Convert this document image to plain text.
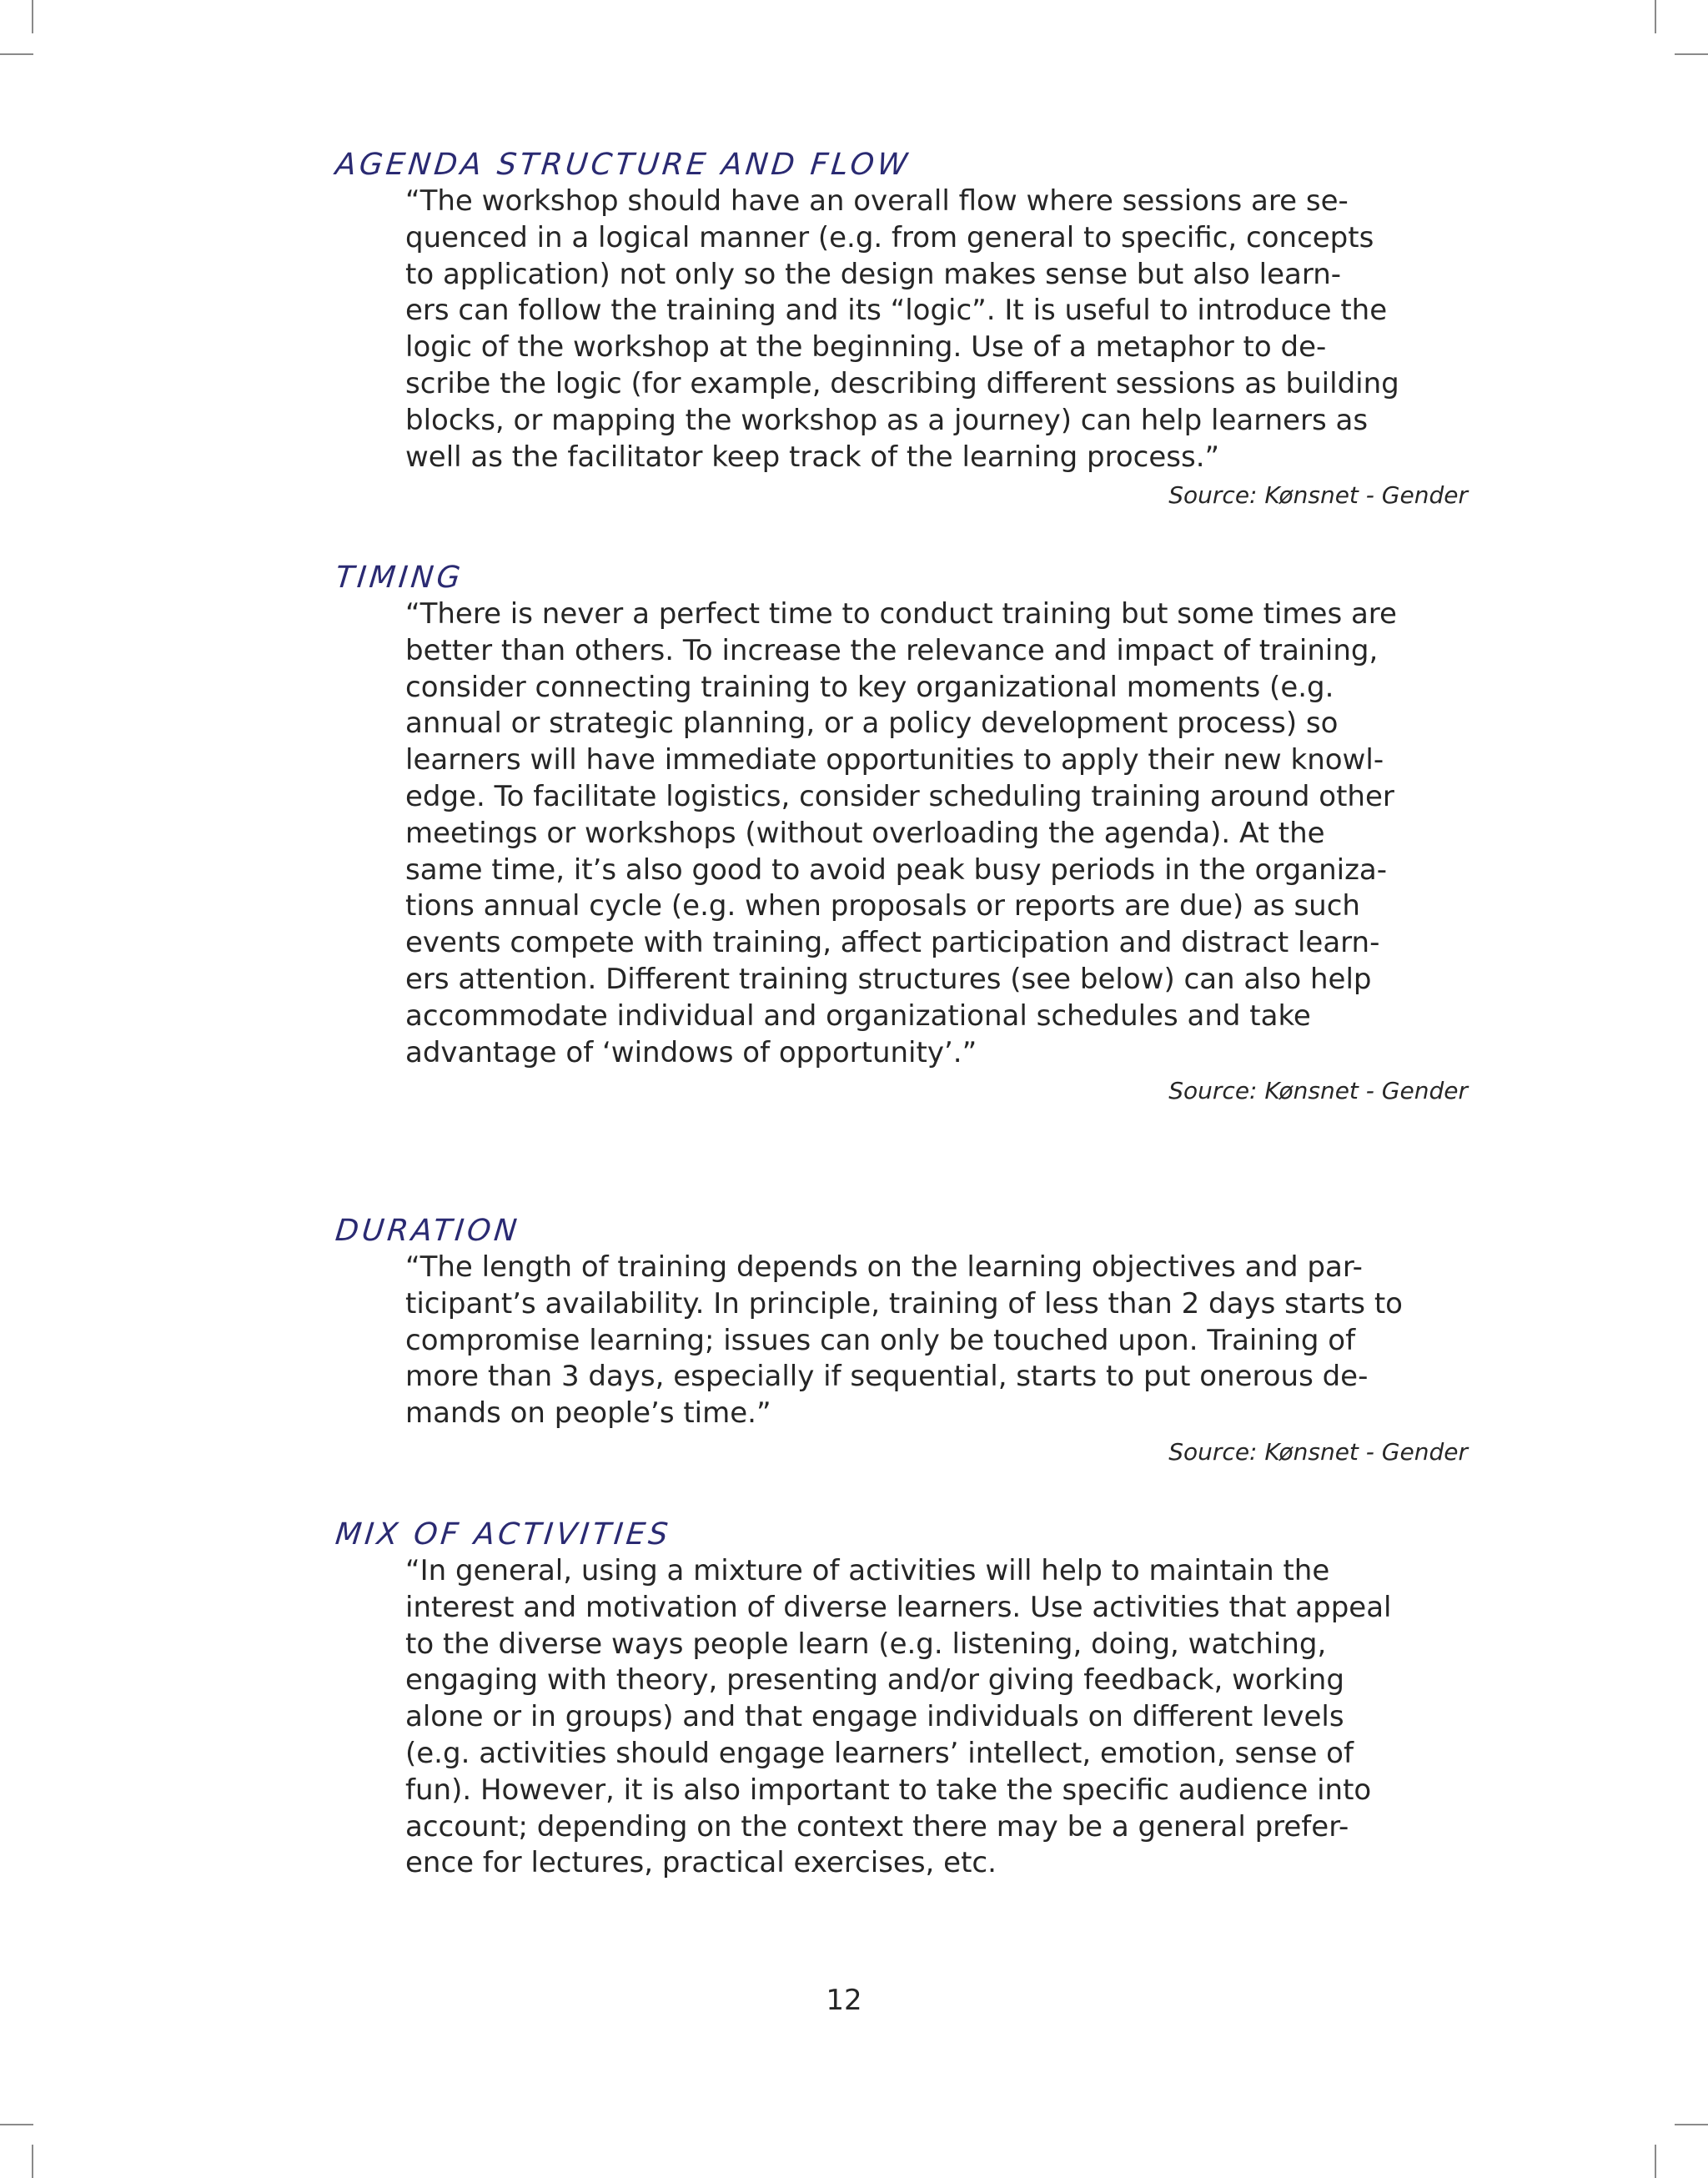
AGENDA STRUCTURE AND FLOW

“The workshop should have an overall flow where sessions are se-
quenced in a logical manner (e.g. from general to specific, concepts
to application) not only so the design makes sense but also learn-
ers can follow the training and its “logic”. It is useful to introduce the
logic of the workshop at the beginning. Use of a metaphor to de-
scribe the logic (for example, describing different sessions as building
blocks, or mapping the workshop as a journey) can help learners as
well as the facilitator keep track of the learning process.”

Source: Kønsnet - Gender

TIMING

“There is never a perfect time to conduct training but some times are
better than others. To increase the relevance and impact of training,
consider connecting training to key organizational moments (e.g.
annual or strategic planning, or a policy development process) so
learners will have immediate opportunities to apply their new knowl-
edge. To facilitate logistics, consider scheduling training around other
meetings or workshops (without overloading the agenda). At the
same time, it’s also good to avoid peak busy periods in the organiza-
tions annual cycle (e.g. when proposals or reports are due) as such
events compete with training, affect participation and distract learn-
ers attention. Different training structures (see below) can also help
accommodate individual and organizational schedules and take
advantage of ‘windows of opportunity’.”

Source: Kønsnet - Gender

DURATION

“The length of training depends on the learning objectives and par-
ticipant’s availability. In principle, training of less than 2 days starts to
compromise learning; issues can only be touched upon. Training of
more than 3 days, especially if sequential, starts to put onerous de-
mands on people’s time.”

Source: Kønsnet - Gender

MIX OF ACTIVITIES

“In general, using a mixture of activities will help to maintain the
interest and motivation of diverse learners. Use activities that appeal
to the diverse ways people learn (e.g. listening, doing, watching,
engaging with theory, presenting and/or giving feedback, working
alone or in groups) and that engage individuals on different levels
(e.g. activities should engage learners’ intellect, emotion, sense of
fun). However, it is also important to take the specific audience into
account; depending on the context there may be a general prefer-
ence for lectures, practical exercises, etc.

12
